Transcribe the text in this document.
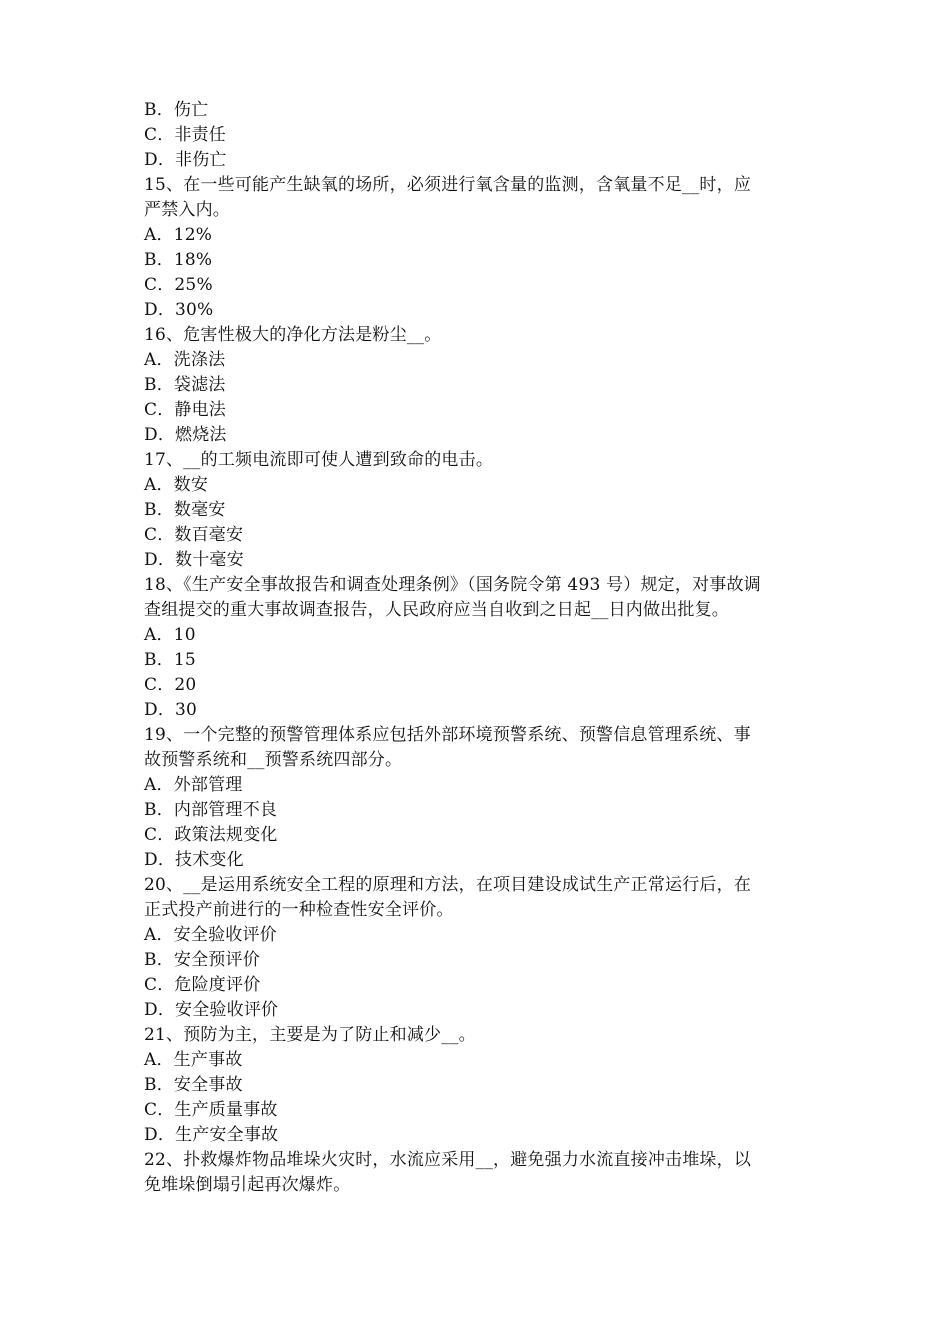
B．伤亡
C．非责任
D．非伤亡
15、在一些可能产生缺氧的场所，必须进行氧含量的监测，含氧量不足__时，应
严禁入内。
A．12%
B．18%
C．25%
D．30%
16、危害性极大的净化方法是粉尘__。
A．洗涤法
B．袋滤法
C．静电法
D．燃烧法
17、__的工频电流即可使人遭到致命的电击。
A．数安
B．数毫安
C．数百毫安
D．数十毫安
18、《生产安全事故报告和调查处理条例》（国务院令第 493 号）规定，对事故调
查组提交的重大事故调查报告，人民政府应当自收到之日起__日内做出批复。
A．10
B．15
C．20
D．30
19、一个完整的预警管理体系应包括外部环境预警系统、预警信息管理系统、事
故预警系统和__预警系统四部分。
A．外部管理
B．内部管理不良
C．政策法规变化
D．技术变化
20、__是运用系统安全工程的原理和方法，在项目建设成试生产正常运行后，在
正式投产前进行的一种检查性安全评价。
A．安全验收评价
B．安全预评价
C．危险度评价
D．安全验收评价
21、预防为主，主要是为了防止和减少__。
A．生产事故
B．安全事故
C．生产质量事故
D．生产安全事故
22、扑救爆炸物品堆垛火灾时，水流应采用__，避免强力水流直接冲击堆垛，以
免堆垛倒塌引起再次爆炸。
